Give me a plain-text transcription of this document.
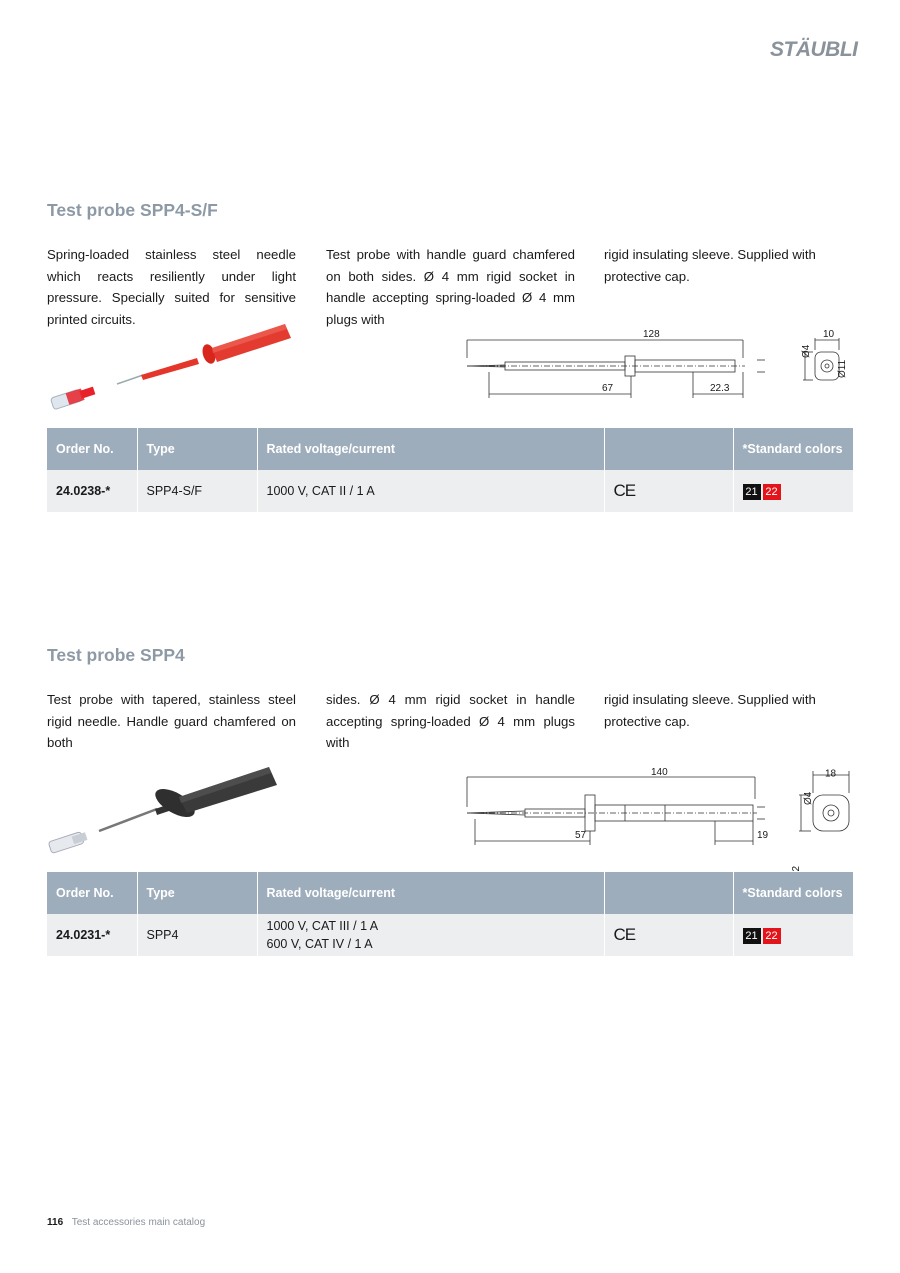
STÄUBLI
Test probe SPP4-S/F
Spring-loaded stainless steel needle which reacts resiliently under light pressure. Specially suited for sensitive printed circuits.
Test probe with handle guard chamfered on both sides. Ø 4 mm rigid socket in handle accepting spring-loaded Ø 4 mm plugs with
rigid insulating sleeve. Supplied with protective cap.
128
67	22.3
Ø4
Ø11
10
Order No.	Type	Rated voltage/current		*Standard colors
24.0238-*	SPP4-S/F	1000 V, CAT II / 1 A	CE	21 22
Test probe SPP4
Test probe with tapered, stainless steel rigid needle. Handle guard chamfered on both
sides. Ø 4 mm rigid socket in handle accepting spring-loaded Ø 4 mm plugs with
rigid insulating sleeve. Supplied with protective cap.
140
57	19
Ø4
18
Order No.	Type	Rated voltage/current		*Standard colors
24.0231-*	SPP4	1000 V, CAT III / 1 A
600 V, CAT IV / 1 A	CE	21 22
116 Test accessories main catalog
